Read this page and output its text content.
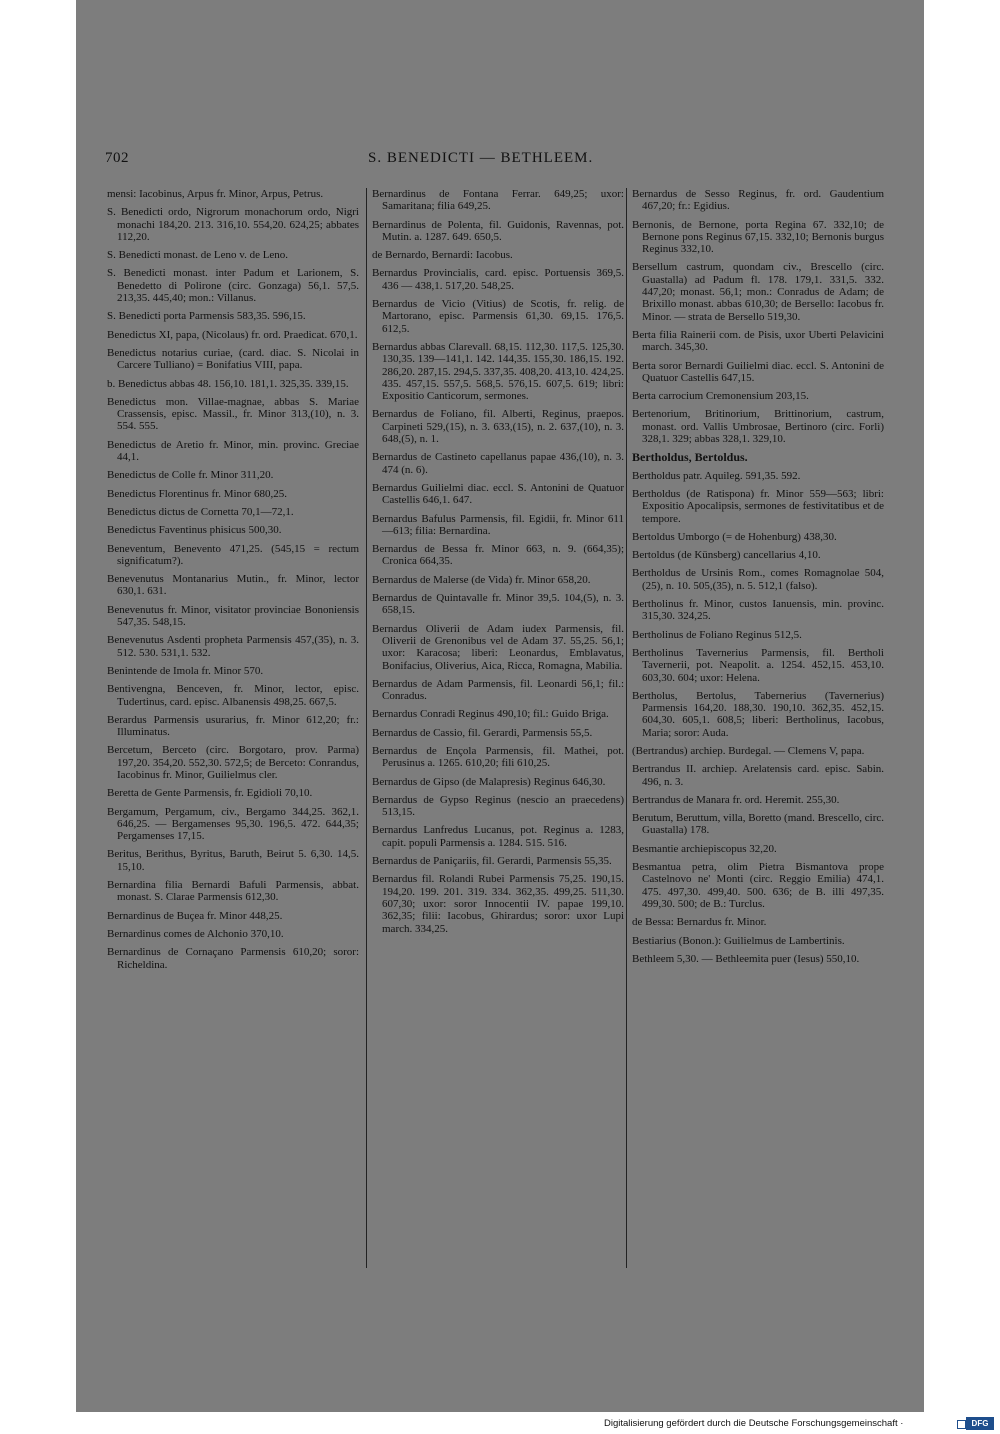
702	S. BENEDICTI — BETHLEEM.

mensi: Iacobinus, Arpus fr. Minor, Arpus, Petrus.

S. Benedicti ordo, Nigrorum monachorum ordo, Nigri monachi 184,20. 213. 316,10. 554,20. 624,25; abbates 112,20.

S. Benedicti monast. de Leno v. de Leno.

S. Benedicti monast. inter Padum et Larionem, S. Benedetto di Polirone (circ. Gonzaga) 56,1. 57,5. 213,35. 445,40; mon.: Villanus.

S. Benedicti porta Parmensis 583,35. 596,15.

Benedictus XI, papa, (Nicolaus) fr. ord. Praedicat. 670,1.

Benedictus notarius curiae, (card. diac. S. Nicolai in Carcere Tulliano) = Bonifatius VIII, papa.

b. Benedictus abbas 48. 156,10. 181,1. 325,35. 339,15.

Benedictus mon. Villae-magnae, abbas S. Mariae Crassensis, episc. Massil., fr. Minor 313,(10), n. 3. 554. 555.

Benedictus de Aretio fr. Minor, min. provinc. Greciae 44,1.

Benedictus de Colle fr. Minor 311,20.

Benedictus Florentinus fr. Minor 680,25.

Benedictus dictus de Cornetta 70,1—72,1.

Benedictus Faventinus phisicus 500,30.

Beneventum, Benevento 471,25. (545,15 = rectum significatum?).

Benevenutus Montanarius Mutin., fr. Minor, lector 630,1. 631.

Benevenutus fr. Minor, visitator provinciae Bononiensis 547,35. 548,15.

Benevenutus Asdenti propheta Parmensis 457,(35), n. 3. 512. 530. 531,1. 532.

Benintende de Imola fr. Minor 570.

Bentivengna, Benceven, fr. Minor, lector, episc. Tudertinus, card. episc. Albanensis 498,25. 667,5.

Berardus Parmensis usurarius, fr. Minor 612,20; fr.: Illuminatus.

Bercetum, Berceto (circ. Borgotaro, prov. Parma) 197,20. 354,20. 552,30. 572,5; de Berceto: Conrandus, Iacobinus fr. Minor, Guilielmus cler.

Beretta de Gente Parmensis, fr. Egidioli 70,10.

Bergamum, Pergamum, civ., Bergamo 344,25. 362,1. 646,25. — Bergamenses 95,30. 196,5. 472. 644,35; Pergamenses 17,15.

Beritus, Berithus, Byritus, Baruth, Beirut 5. 6,30. 14,5. 15,10.

Bernardina filia Bernardi Bafuli Parmensis, abbat. monast. S. Clarae Parmensis 612,30.

Bernardinus de Buçea fr. Minor 448,25.

Bernardinus comes de Alchonio 370,10.

Bernardinus de Cornaçano Parmensis 610,20; soror: Richeldina.

Bernardinus de Fontana Ferrar. 649,25; uxor: Samaritana; filia 649,25.

Bernardinus de Polenta, fil. Guidonis, Ravennas, pot. Mutin. a. 1287. 649. 650,5.

de Bernardo, Bernardi: Iacobus.

Bernardus Provincialis, card. episc. Portuensis 369,5. 436 — 438,1. 517,20. 548,25.

Bernardus de Vicio (Vitius) de Scotis, fr. relig. de Martorano, episc. Parmensis 61,30. 69,15. 176,5. 612,5.

Bernardus abbas Clarevall. 68,15. 112,30. 117,5. 125,30. 130,35. 139—141,1. 142. 144,35. 155,30. 186,15. 192. 286,20. 287,15. 294,5. 337,35. 408,20. 413,10. 424,25. 435. 457,15. 557,5. 568,5. 576,15. 607,5. 619; libri: Expositio Canticorum, sermones.

Bernardus de Foliano, fil. Alberti, Reginus, praepos. Carpineti 529,(15), n. 3. 633,(15), n. 2. 637,(10), n. 3. 648,(5), n. 1.

Bernardus de Castineto capellanus papae 436,(10), n. 3. 474 (n. 6).

Bernardus Guilielmi diac. eccl. S. Antonini de Quatuor Castellis 646,1. 647.

Bernardus Bafulus Parmensis, fil. Egidii, fr. Minor 611—613; filia: Bernardina.

Bernardus de Bessa fr. Minor 663, n. 9. (664,35); Cronica 664,35.

Bernardus de Malerse (de Vida) fr. Minor 658,20.

Bernardus de Quintavalle fr. Minor 39,5. 104,(5), n. 3. 658,15.

Bernardus Oliverii de Adam iudex Parmensis, fil. Oliverii de Grenonibus vel de Adam 37. 55,25. 56,1; uxor: Karacosa; liberi: Leonardus, Emblavatus, Bonifacius, Oliverius, Aica, Ricca, Romagna, Mabilia.

Bernardus de Adam Parmensis, fil. Leonardi 56,1; fil.: Conradus.

Bernardus Conradi Reginus 490,10; fil.: Guido Briga.

Bernardus de Cassio, fil. Gerardi, Parmensis 55,5.

Bernardus de Ençola Parmensis, fil. Mathei, pot. Perusinus a. 1265. 610,20; fili 610,25.

Bernardus de Gipso (de Malapresis) Reginus 646,30.

Bernardus de Gypso Reginus (nescio an praecedens) 513,15.

Bernardus Lanfredus Lucanus, pot. Reginus a. 1283, capit. populi Parmensis a. 1284. 515. 516.

Bernardus de Paniçariis, fil. Gerardi, Parmensis 55,35.

Bernardus fil. Rolandi Rubei Parmensis 75,25. 190,15. 194,20. 199. 201. 319. 334. 362,35. 499,25. 511,30. 607,30; uxor: soror Innocentii IV. papae 199,10. 362,35; filii: Iacobus, Ghirardus; soror: uxor Lupi march. 334,25.

Bernardus de Sesso Reginus, fr. ord. Gaudentium 467,20; fr.: Egidius.

Bernonis, de Bernone, porta Regina 67. 332,10; de Bernone pons Reginus 67,15. 332,10; Bernonis burgus Reginus 332,10.

Bersellum castrum, quondam civ., Brescello (circ. Guastalla) ad Padum fl. 178. 179,1. 331,5. 332. 447,20; monast. 56,1; mon.: Conradus de Adam; de Brixillo monast. abbas 610,30; de Bersello: Iacobus fr. Minor. — strata de Bersello 519,30.

Berta filia Rainerii com. de Pisis, uxor Uberti Pelavicini march. 345,30.

Berta soror Bernardi Guilielmi diac. eccl. S. Antonini de Quatuor Castellis 647,15.

Berta carrocium Cremonensium 203,15.

Bertenorium, Britinorium, Brittinorium, castrum, monast. ord. Vallis Umbrosae, Bertinoro (circ. Forlì) 328,1. 329; abbas 328,1. 329,10.

Bertholdus, Bertoldus.

Bertholdus patr. Aquileg. 591,35. 592.

Bertholdus (de Ratispona) fr. Minor 559—563; libri: Expositio Apocalipsis, sermones de festivitatibus et de tempore.

Bertoldus Umborgo (= de Hohenburg) 438,30.

Bertoldus (de Künsberg) cancellarius 4,10.

Bertholdus de Ursinis Rom., comes Romagnolae 504,(25), n. 10. 505,(35), n. 5. 512,1 (falso).

Bertholinus fr. Minor, custos Ianuensis, min. provinc. 315,30. 324,25.

Bertholinus de Foliano Reginus 512,5.

Bertholinus Tavernerius Parmensis, fil. Bertholi Tavernerii, pot. Neapolit. a. 1254. 452,15. 453,10. 603,30. 604; uxor: Helena.

Bertholus, Bertolus, Tabernerius (Tavernerius) Parmensis 164,20. 188,30. 190,10. 362,35. 452,15. 604,30. 605,1. 608,5; liberi: Bertholinus, Iacobus, Maria; soror: Auda.

(Bertrandus) archiep. Burdegal. — Clemens V, papa.

Bertrandus II. archiep. Arelatensis card. episc. Sabin. 496, n. 3.

Bertrandus de Manara fr. ord. Heremit. 255,30.

Berutum, Beruttum, villa, Boretto (mand. Brescello, circ. Guastalla) 178.

Besmantie archiepiscopus 32,20.

Besmantua petra, olim Pietra Bismantova prope Castelnovo ne' Monti (circ. Reggio Emilia) 474,1. 475. 497,30. 499,40. 500. 636; de B. illi 497,35. 499,30. 500; de B.: Turclus.

de Bessa: Bernardus fr. Minor.

Bestiarius (Bonon.): Guilielmus de Lambertinis.

Bethleem 5,30. — Bethleemita puer (Iesus) 550,10.

Digitalisierung gefördert durch die Deutsche Forschungsgemeinschaft ·	DFG
